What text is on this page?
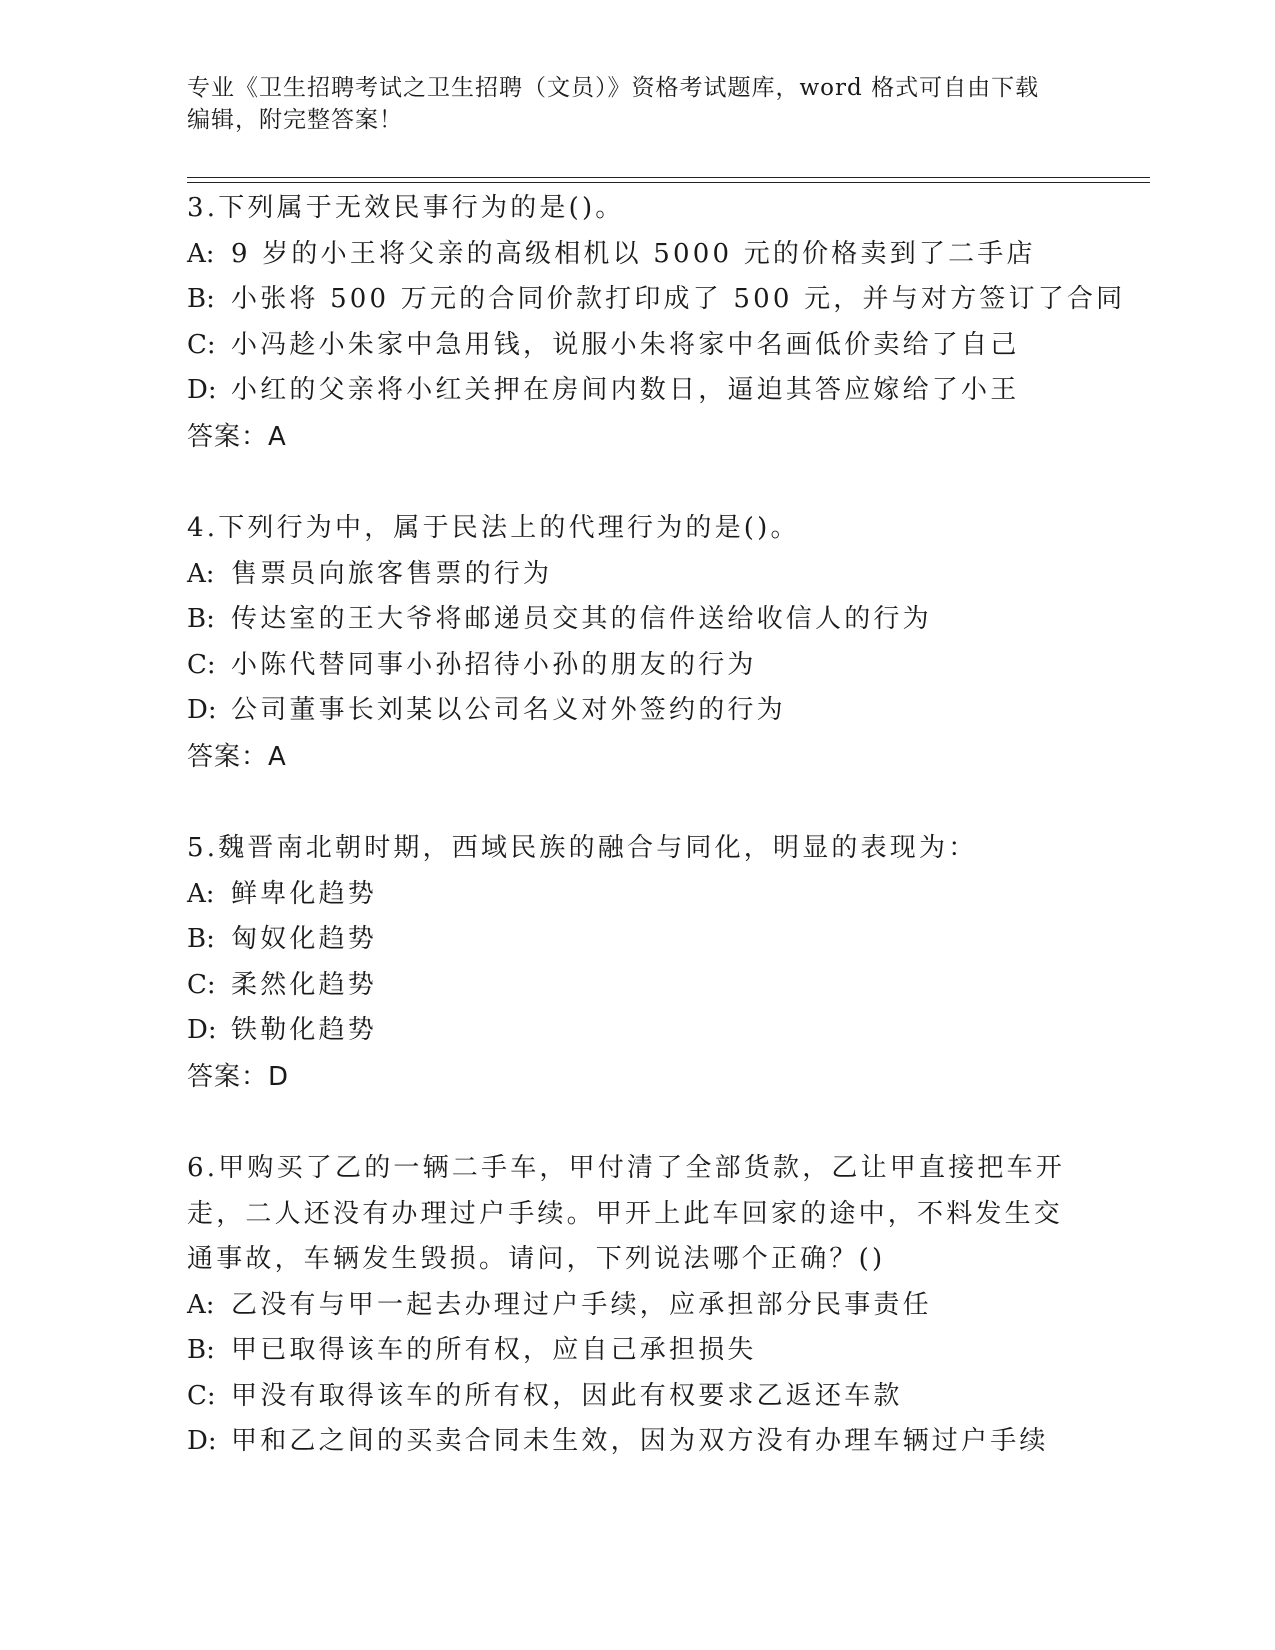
专业《卫生招聘考试之卫生招聘（文员）》资格考试题库，word 格式可自由下载
编辑，附完整答案！
3.下列属于无效民事行为的是()。
A: 9 岁的小王将父亲的高级相机以 5000 元的价格卖到了二手店
B: 小张将 500 万元的合同价款打印成了 500 元，并与对方签订了合同
C: 小冯趁小朱家中急用钱，说服小朱将家中名画低价卖给了自己
D: 小红的父亲将小红关押在房间内数日，逼迫其答应嫁给了小王
答案：A
4.下列行为中，属于民法上的代理行为的是()。
A: 售票员向旅客售票的行为
B: 传达室的王大爷将邮递员交其的信件送给收信人的行为
C: 小陈代替同事小孙招待小孙的朋友的行为
D: 公司董事长刘某以公司名义对外签约的行为
答案：A
5.魏晋南北朝时期，西域民族的融合与同化，明显的表现为：
A: 鲜卑化趋势
B: 匈奴化趋势
C: 柔然化趋势
D: 铁勒化趋势
答案：D
6.甲购买了乙的一辆二手车，甲付清了全部货款，乙让甲直接把车开
走，二人还没有办理过户手续。甲开上此车回家的途中，不料发生交
通事故，车辆发生毁损。请问，下列说法哪个正确？()
A: 乙没有与甲一起去办理过户手续，应承担部分民事责任
B: 甲已取得该车的所有权，应自己承担损失
C: 甲没有取得该车的所有权，因此有权要求乙返还车款
D: 甲和乙之间的买卖合同未生效，因为双方没有办理车辆过户手续
